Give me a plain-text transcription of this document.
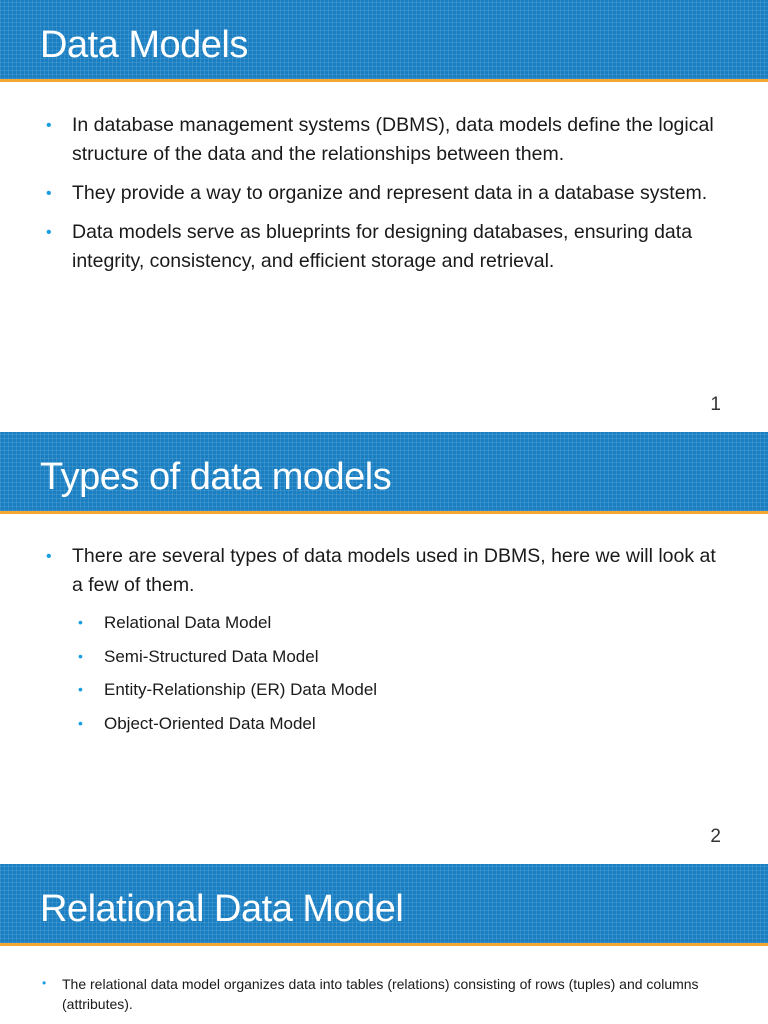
Data Models
• In database management systems (DBMS), data models define the logical structure of the data and the relationships between them.
• They provide a way to organize and represent data in a database system.
• Data models serve as blueprints for designing databases, ensuring data integrity, consistency, and efficient storage and retrieval.
1
Types of data models
• There are several types of data models used in DBMS, here we will look at a few of them.
• Relational Data Model
• Semi-Structured Data Model
• Entity-Relationship (ER) Data Model
• Object-Oriented Data Model
2
Relational Data Model
• The relational data model organizes data into tables (relations) consisting of rows (tuples) and columns (attributes).
